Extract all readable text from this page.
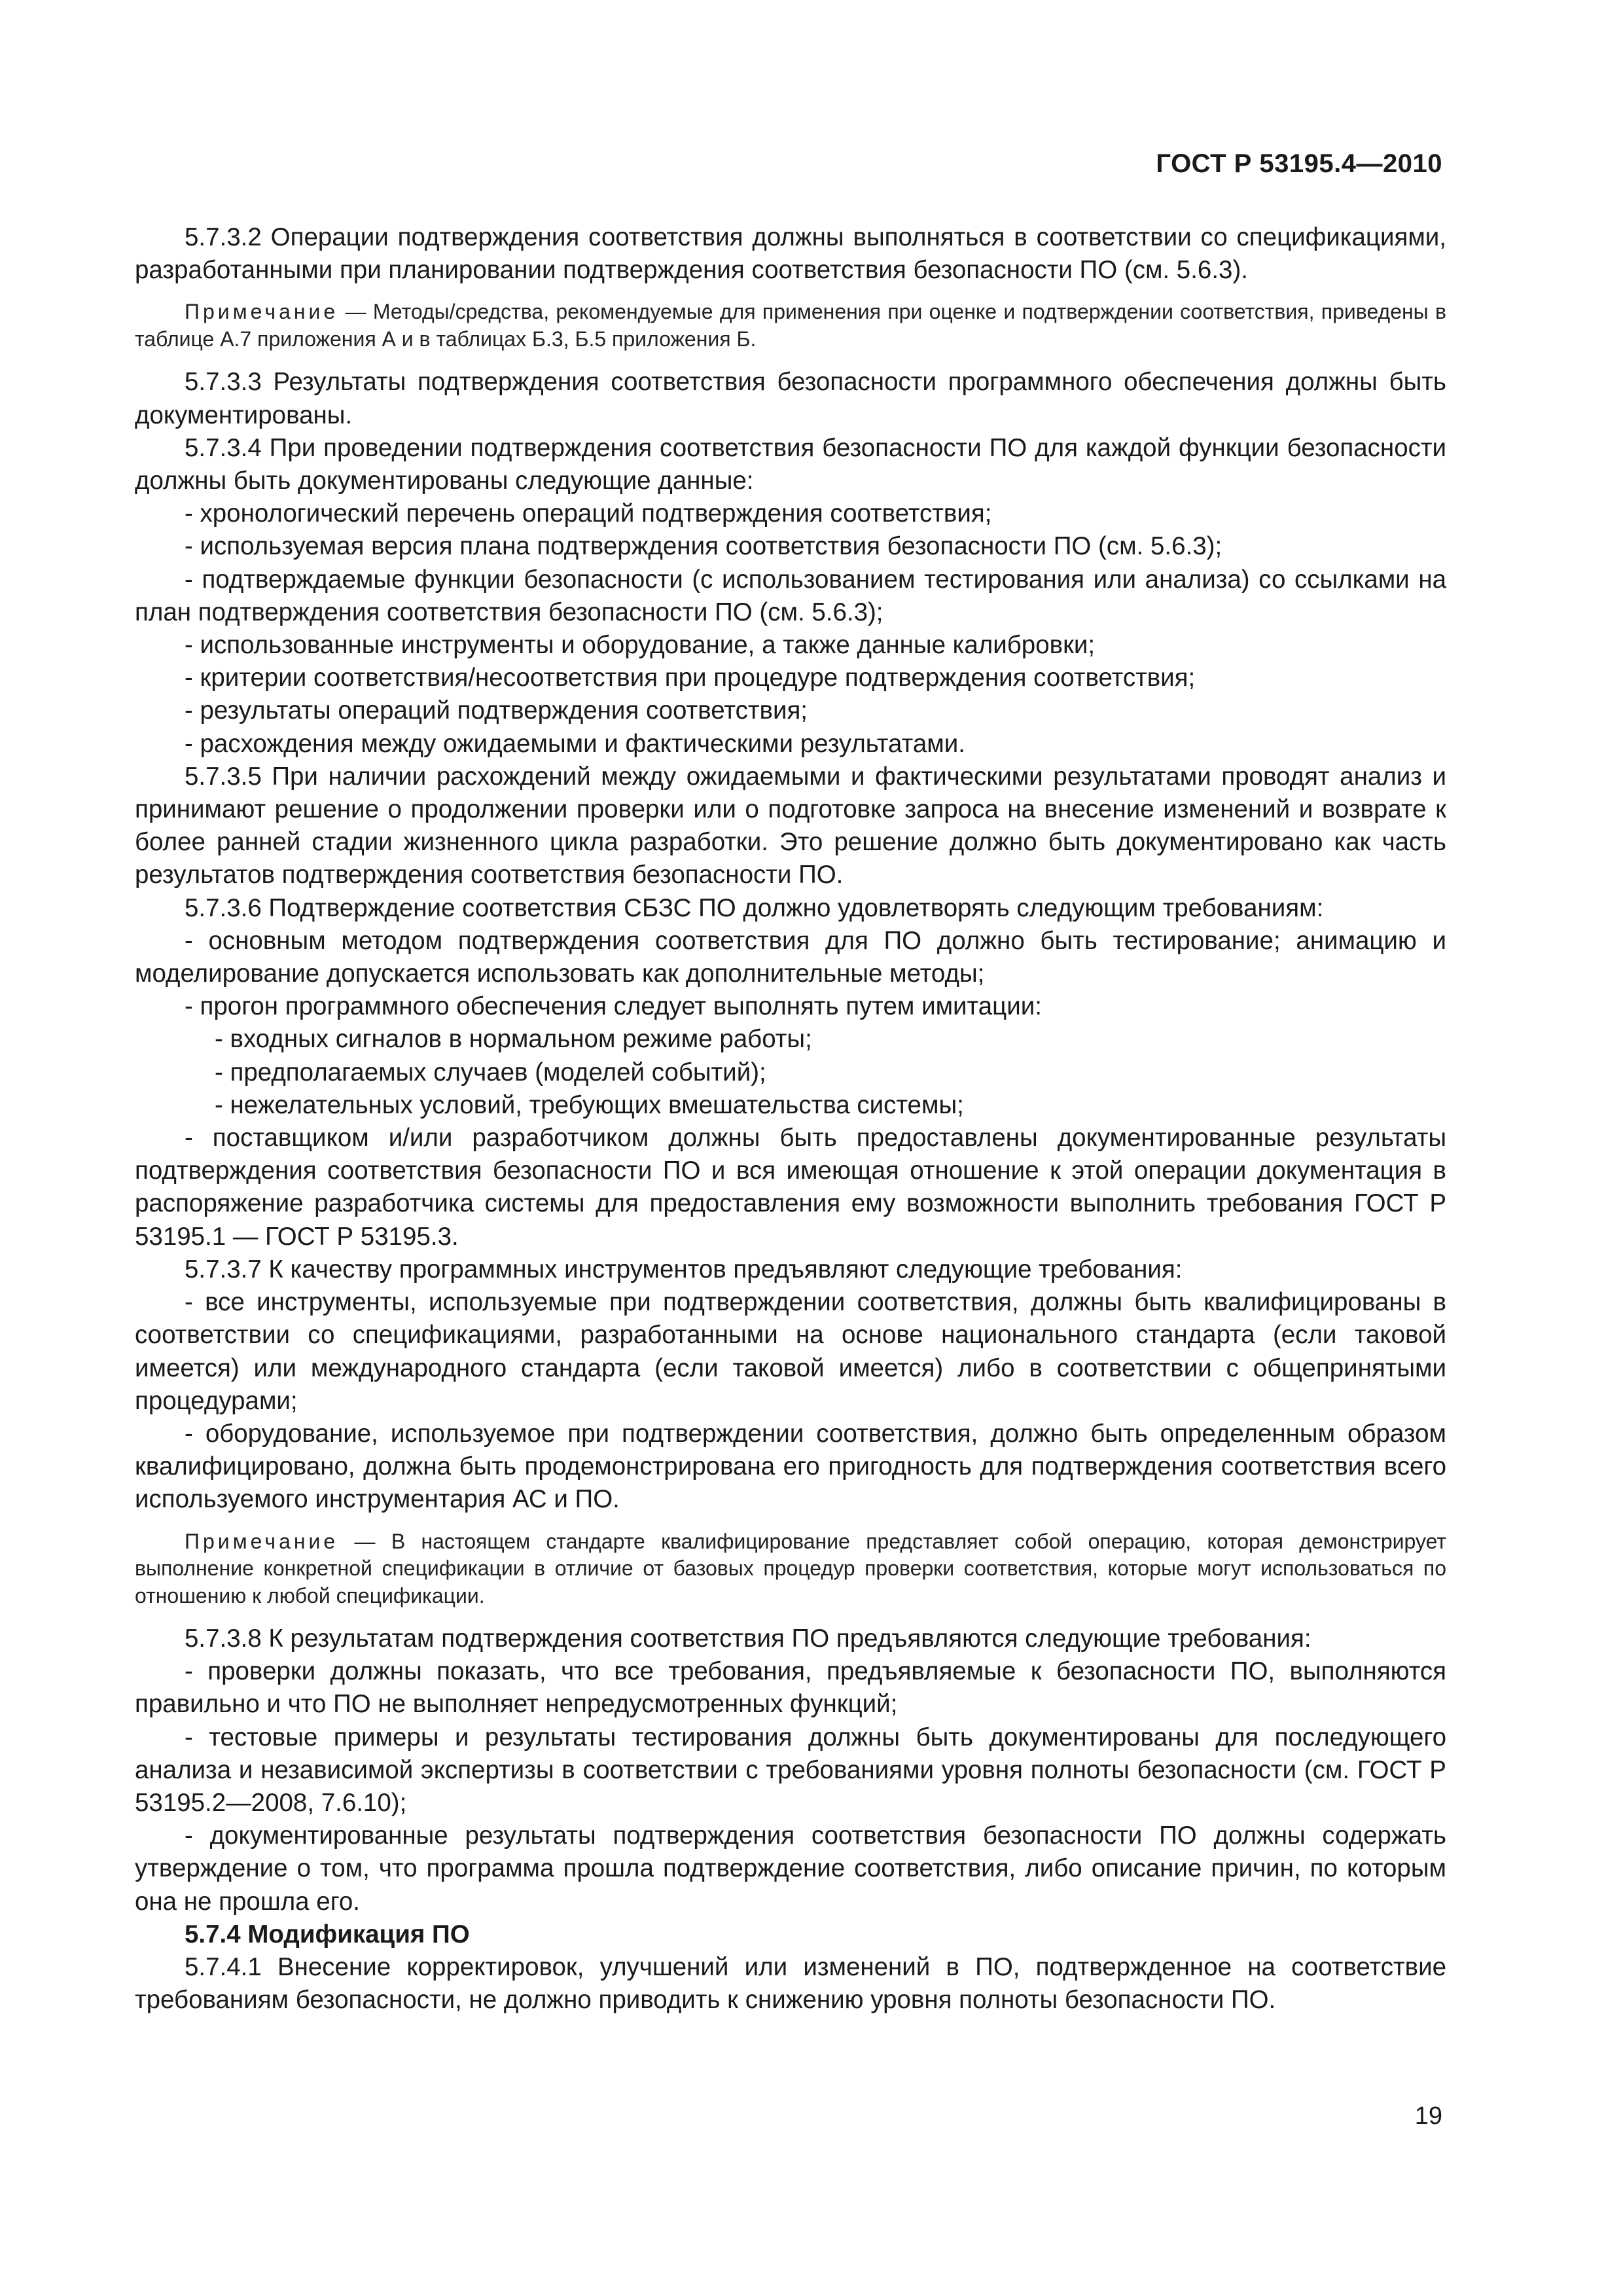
ГОСТ Р 53195.4—2010

5.7.3.2 Операции подтверждения соответствия должны выполняться в соответствии со спецификациями, разработанными при планировании подтверждения соответствия безопасности ПО (см. 5.6.3).

Примечание — Методы/средства, рекомендуемые для применения при оценке и подтверждении соответствия, приведены в таблице А.7 приложения А и в таблицах Б.3, Б.5 приложения Б.

5.7.3.3 Результаты подтверждения соответствия безопасности программного обеспечения должны быть документированы.

5.7.3.4 При проведении подтверждения соответствия безопасности ПО для каждой функции безопасности должны быть документированы следующие данные:

- хронологический перечень операций подтверждения соответствия;

- используемая версия плана подтверждения соответствия безопасности ПО (см. 5.6.3);

- подтверждаемые функции безопасности (с использованием тестирования или анализа) со ссылками на план подтверждения соответствия безопасности ПО (см. 5.6.3);

- использованные инструменты и оборудование, а также данные калибровки;

- критерии соответствия/несоответствия при процедуре подтверждения соответствия;

- результаты операций подтверждения соответствия;

- расхождения между ожидаемыми и фактическими результатами.

5.7.3.5 При наличии расхождений между ожидаемыми и фактическими результатами проводят анализ и принимают решение о продолжении проверки или о подготовке запроса на внесение изменений и возврате к более ранней стадии жизненного цикла разработки. Это решение должно быть документировано как часть результатов подтверждения соответствия безопасности ПО.

5.7.3.6 Подтверждение соответствия СБЗС ПО должно удовлетворять следующим требованиям:

- основным методом подтверждения соответствия для ПО должно быть тестирование; анимацию и моделирование допускается использовать как дополнительные методы;

- прогон программного обеспечения следует выполнять путем имитации:

- входных сигналов в нормальном режиме работы;

- предполагаемых случаев (моделей событий);

- нежелательных условий, требующих вмешательства системы;

- поставщиком и/или разработчиком должны быть предоставлены документированные результаты подтверждения соответствия безопасности ПО и вся имеющая отношение к этой операции документация в распоряжение разработчика системы для предоставления ему возможности выполнить требования ГОСТ Р 53195.1 — ГОСТ Р 53195.3.

5.7.3.7 К качеству программных инструментов предъявляют следующие требования:

- все инструменты, используемые при подтверждении соответствия, должны быть квалифицированы в соответствии со спецификациями, разработанными на основе национального стандарта (если таковой имеется) или международного стандарта (если таковой имеется) либо в соответствии с общепринятыми процедурами;

- оборудование, используемое при подтверждении соответствия, должно быть определенным образом квалифицировано, должна быть продемонстрирована его пригодность для подтверждения соответствия всего используемого инструментария АС и ПО.

Примечание — В настоящем стандарте квалифицирование представляет собой операцию, которая демонстрирует выполнение конкретной спецификации в отличие от базовых процедур проверки соответствия, которые могут использоваться по отношению к любой спецификации.

5.7.3.8 К результатам подтверждения соответствия ПО предъявляются следующие требования:

- проверки должны показать, что все требования, предъявляемые к безопасности ПО, выполняются правильно и что ПО не выполняет непредусмотренных функций;

- тестовые примеры и результаты тестирования должны быть документированы для последующего анализа и независимой экспертизы в соответствии с требованиями уровня полноты безопасности (см. ГОСТ Р 53195.2—2008, 7.6.10);

- документированные результаты подтверждения соответствия безопасности ПО должны содержать утверждение о том, что программа прошла подтверждение соответствия, либо описание причин, по которым она не прошла его.

5.7.4 Модификация ПО

5.7.4.1 Внесение корректировок, улучшений или изменений в ПО, подтвержденное на соответствие требованиям безопасности, не должно приводить к снижению уровня полноты безопасности ПО.

19
